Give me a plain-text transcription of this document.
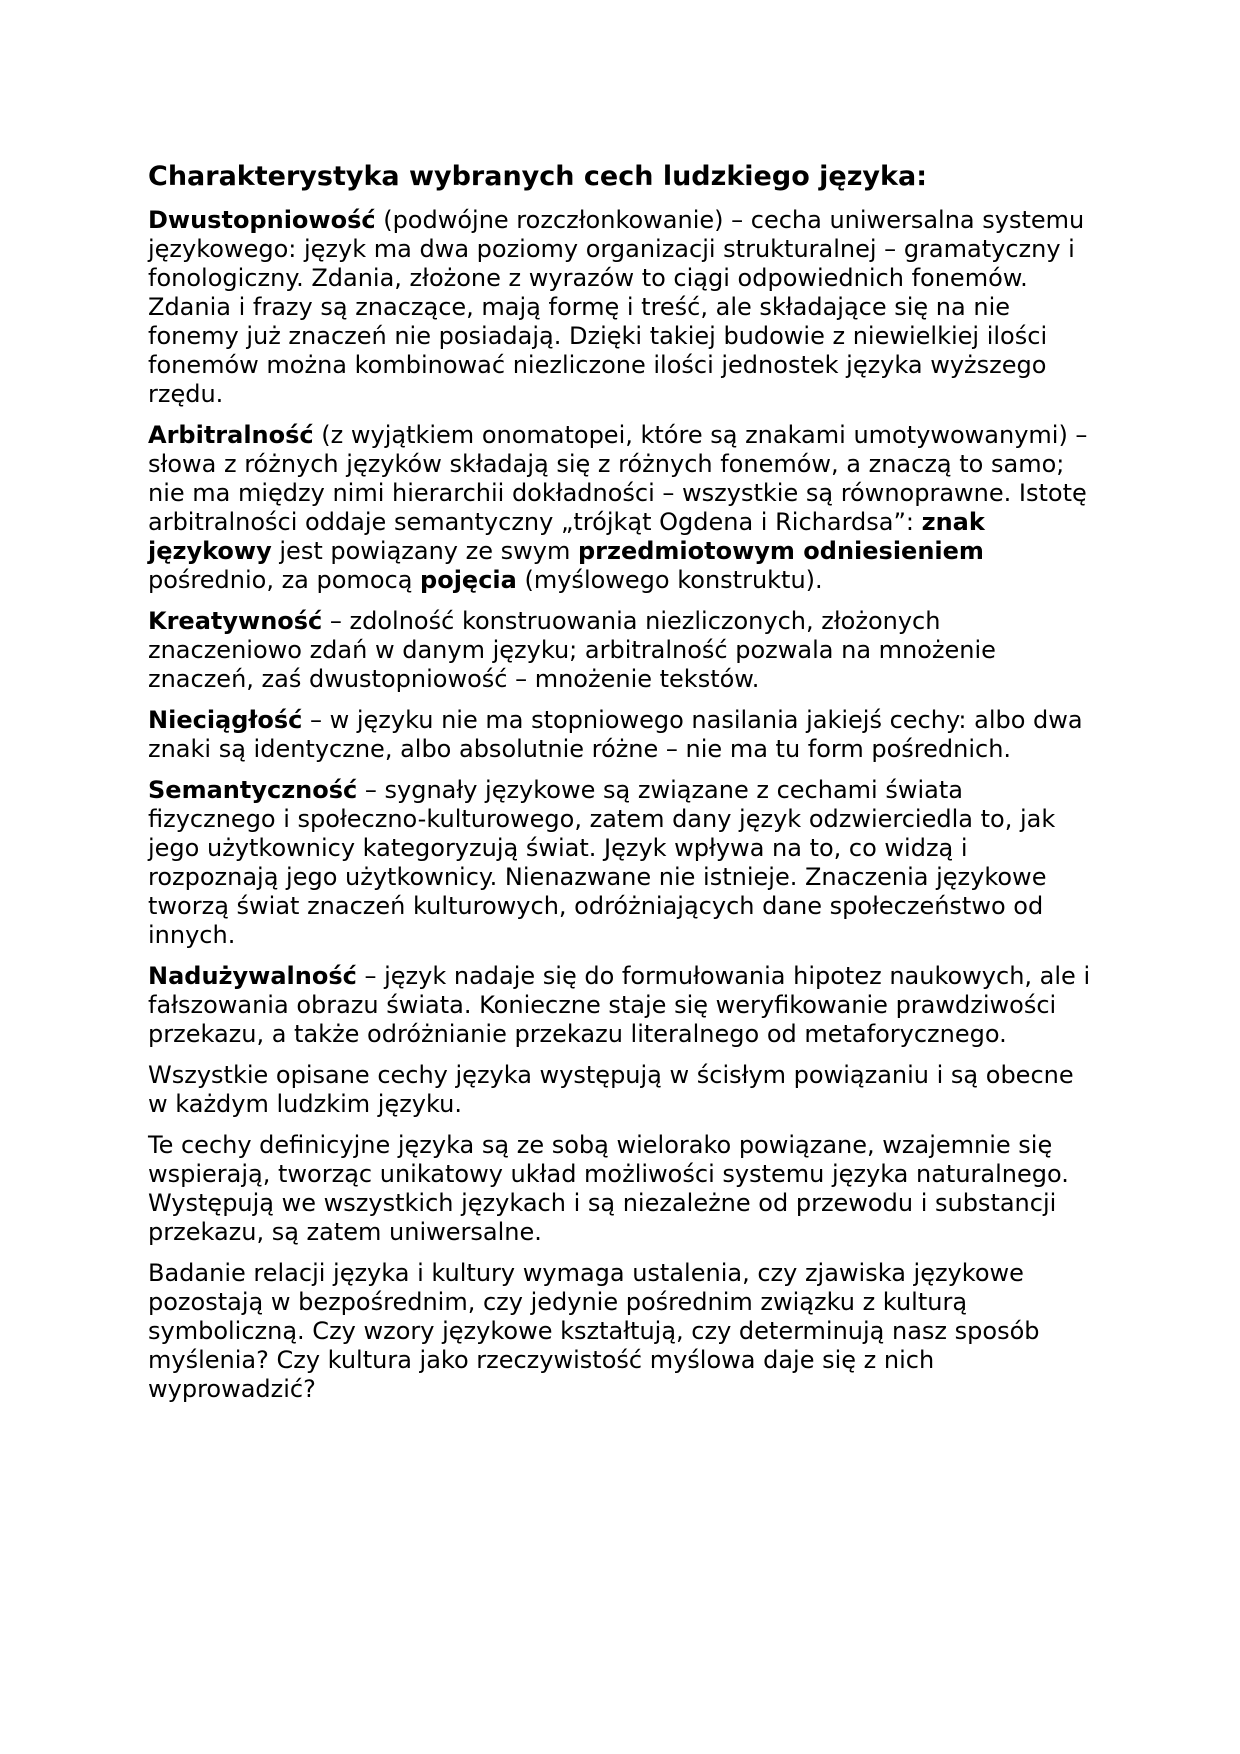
Charakterystyka wybranych cech ludzkiego języka:

Dwustopniowość (podwójne rozczłonkowanie) – cecha uniwersalna systemu językowego: język ma dwa poziomy organizacji strukturalnej – gramatyczny i fonologiczny. Zdania, złożone z wyrazów to ciągi odpowiednich fonemów. Zdania i frazy są znaczące, mają formę i treść, ale składające się na nie fonemy już znaczeń nie posiadają. Dzięki takiej budowie z niewielkiej ilości fonemów można kombinować niezliczone ilości jednostek języka wyższego rzędu.

Arbitralność (z wyjątkiem onomatopei, które są znakami umotywowanymi) – słowa z różnych języków składają się z różnych fonemów, a znaczą to samo; nie ma między nimi hierarchii dokładności – wszystkie są równoprawne. Istotę arbitralności oddaje semantyczny „trójkąt Ogdena i Richardsa”: znak językowy jest powiązany ze swym przedmiotowym odniesieniem pośrednio, za pomocą pojęcia (myślowego konstruktu).

Kreatywność – zdolność konstruowania niezliczonych, złożonych znaczeniowo zdań w danym języku; arbitralność pozwala na mnożenie znaczeń, zaś dwustopniowość – mnożenie tekstów.

Nieciągłość – w języku nie ma stopniowego nasilania jakiejś cechy: albo dwa znaki są identyczne, albo absolutnie różne – nie ma tu form pośrednich.

Semantyczność – sygnały językowe są związane z cechami świata fizycznego i społeczno-kulturowego, zatem dany język odzwierciedla to, jak jego użytkownicy kategoryzują świat. Język wpływa na to, co widzą i rozpoznają jego użytkownicy. Nienazwane nie istnieje. Znaczenia językowe tworzą świat znaczeń kulturowych, odróżniających dane społeczeństwo od innych.

Nadużywalność – język nadaje się do formułowania hipotez naukowych, ale i fałszowania obrazu świata. Konieczne staje się weryfikowanie prawdziwości przekazu, a także odróżnianie przekazu literalnego od metaforycznego.

Wszystkie opisane cechy języka występują w ścisłym powiązaniu i są obecne w każdym ludzkim języku.

Te cechy definicyjne języka są ze sobą wielorako powiązane, wzajemnie się wspierają, tworząc unikatowy układ możliwości systemu języka naturalnego. Występują we wszystkich językach i są niezależne od przewodu i substancji przekazu, są zatem uniwersalne.

Badanie relacji języka i kultury wymaga ustalenia, czy zjawiska językowe pozostają w bezpośrednim, czy jedynie pośrednim związku z kulturą symboliczną. Czy wzory językowe kształtują, czy determinują nasz sposób myślenia? Czy kultura jako rzeczywistość myślowa daje się z nich wyprowadzić?
